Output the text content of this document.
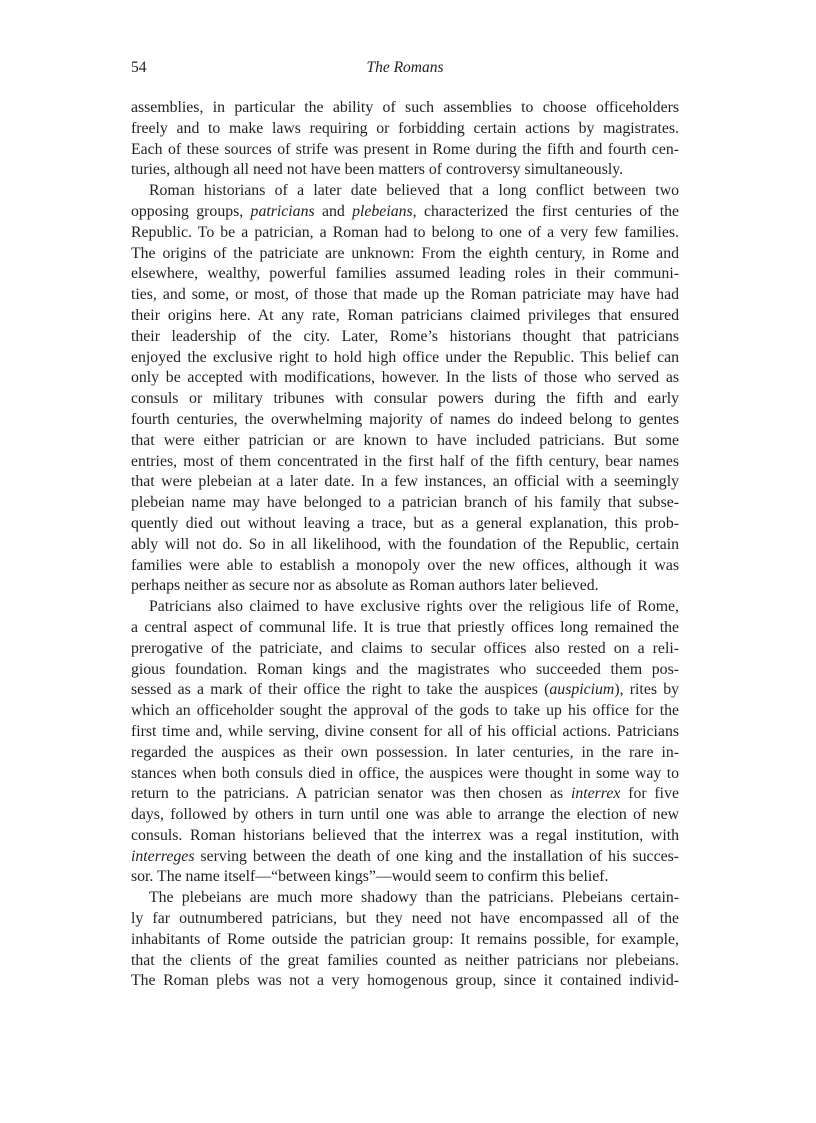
54	The Romans
assemblies, in particular the ability of such assemblies to choose officeholders
freely and to make laws requiring or forbidding certain actions by magistrates.
Each of these sources of strife was present in Rome during the fifth and fourth cen-
turies, although all need not have been matters of controversy simultaneously.
Roman historians of a later date believed that a long conflict between two
opposing groups, patricians and plebeians, characterized the first centuries of the
Republic. To be a patrician, a Roman had to belong to one of a very few families.
The origins of the patriciate are unknown: From the eighth century, in Rome and
elsewhere, wealthy, powerful families assumed leading roles in their communi-
ties, and some, or most, of those that made up the Roman patriciate may have had
their origins here. At any rate, Roman patricians claimed privileges that ensured
their leadership of the city. Later, Rome’s historians thought that patricians
enjoyed the exclusive right to hold high office under the Republic. This belief can
only be accepted with modifications, however. In the lists of those who served as
consuls or military tribunes with consular powers during the fifth and early
fourth centuries, the overwhelming majority of names do indeed belong to gentes
that were either patrician or are known to have included patricians. But some
entries, most of them concentrated in the first half of the fifth century, bear names
that were plebeian at a later date. In a few instances, an official with a seemingly
plebeian name may have belonged to a patrician branch of his family that subse-
quently died out without leaving a trace, but as a general explanation, this prob-
ably will not do. So in all likelihood, with the foundation of the Republic, certain
families were able to establish a monopoly over the new offices, although it was
perhaps neither as secure nor as absolute as Roman authors later believed.
Patricians also claimed to have exclusive rights over the religious life of Rome,
a central aspect of communal life. It is true that priestly offices long remained the
prerogative of the patriciate, and claims to secular offices also rested on a reli-
gious foundation. Roman kings and the magistrates who succeeded them pos-
sessed as a mark of their office the right to take the auspices (auspicium), rites by
which an officeholder sought the approval of the gods to take up his office for the
first time and, while serving, divine consent for all of his official actions. Patricians
regarded the auspices as their own possession. In later centuries, in the rare in-
stances when both consuls died in office, the auspices were thought in some way to
return to the patricians. A patrician senator was then chosen as interrex for five
days, followed by others in turn until one was able to arrange the election of new
consuls. Roman historians believed that the interrex was a regal institution, with
interreges serving between the death of one king and the installation of his succes-
sor. The name itself—“between kings”—would seem to confirm this belief.
The plebeians are much more shadowy than the patricians. Plebeians certain-
ly far outnumbered patricians, but they need not have encompassed all of the
inhabitants of Rome outside the patrician group: It remains possible, for example,
that the clients of the great families counted as neither patricians nor plebeians.
The Roman plebs was not a very homogenous group, since it contained individ-
